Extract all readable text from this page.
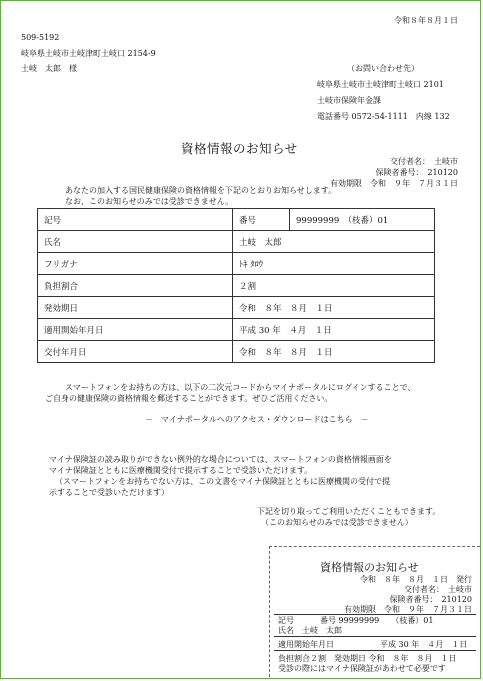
令和８年８月１日
509-5192
岐阜県土岐市土岐津町土岐口 2154-9
土岐　太郎　様	（お問い合わせ先）
岐阜県土岐市土岐津町土岐口 2101
土岐市保険年金課
電話番号 0572-54-1111　内線 132
資格情報のお知らせ
交付者名：　土岐市
保険者番号：　210120
有効期限　令和　９年　７月３１日
あなたの加入する国民健康保険の資格情報を下記のとおりお知らせします。
なお、このお知らせのみでは受診できません。
記号	番号	99999999　（枝番）01
氏名	土岐　太郎	
フリガナ	ﾄｷ ﾀﾛｳ	
負担割合	２割	
発効期日	令和　８年　８月　１日	
適用開始年月日	平成 30 年　４月　１日	
交付年月日	令和　８年　８月　１日	
スマートフォンをお持ちの方は、以下の二次元コードからマイナポータルにログインすることで、
ご自身の健康保険の資格情報を郵送することができます。ぜひご活用ください。
－　マイナポータルへのアクセス・ダウンロードはこちら　－
マイナ保険証の読み取りができない例外的な場合については、スマートフォンの資格情報画面を
マイナ保険証とともに医療機関受付で提示することで受診いただけます。
（スマートフォンをお持ちでない方は、この文書をマイナ保険証とともに医療機関の受付で提
示することで受診いただけます）
下記を切り取ってご利用いただくこともできます。
（このお知らせのみでは受診できません）
資格情報のお知らせ
令和　８年　８月　１日　発行
交付者名：　土岐市
保険者番号：　210120
有効期限　令和　９年　７月３１日
記号	番号 99999999　　（枝番）01
氏名　土岐　太郎
適用開始年月日	平成 30 年　４月　１日
負担割合２割　発効期日 令和　８年　８月　１日
受診の際にはマイナ保険証があわせて必要です
